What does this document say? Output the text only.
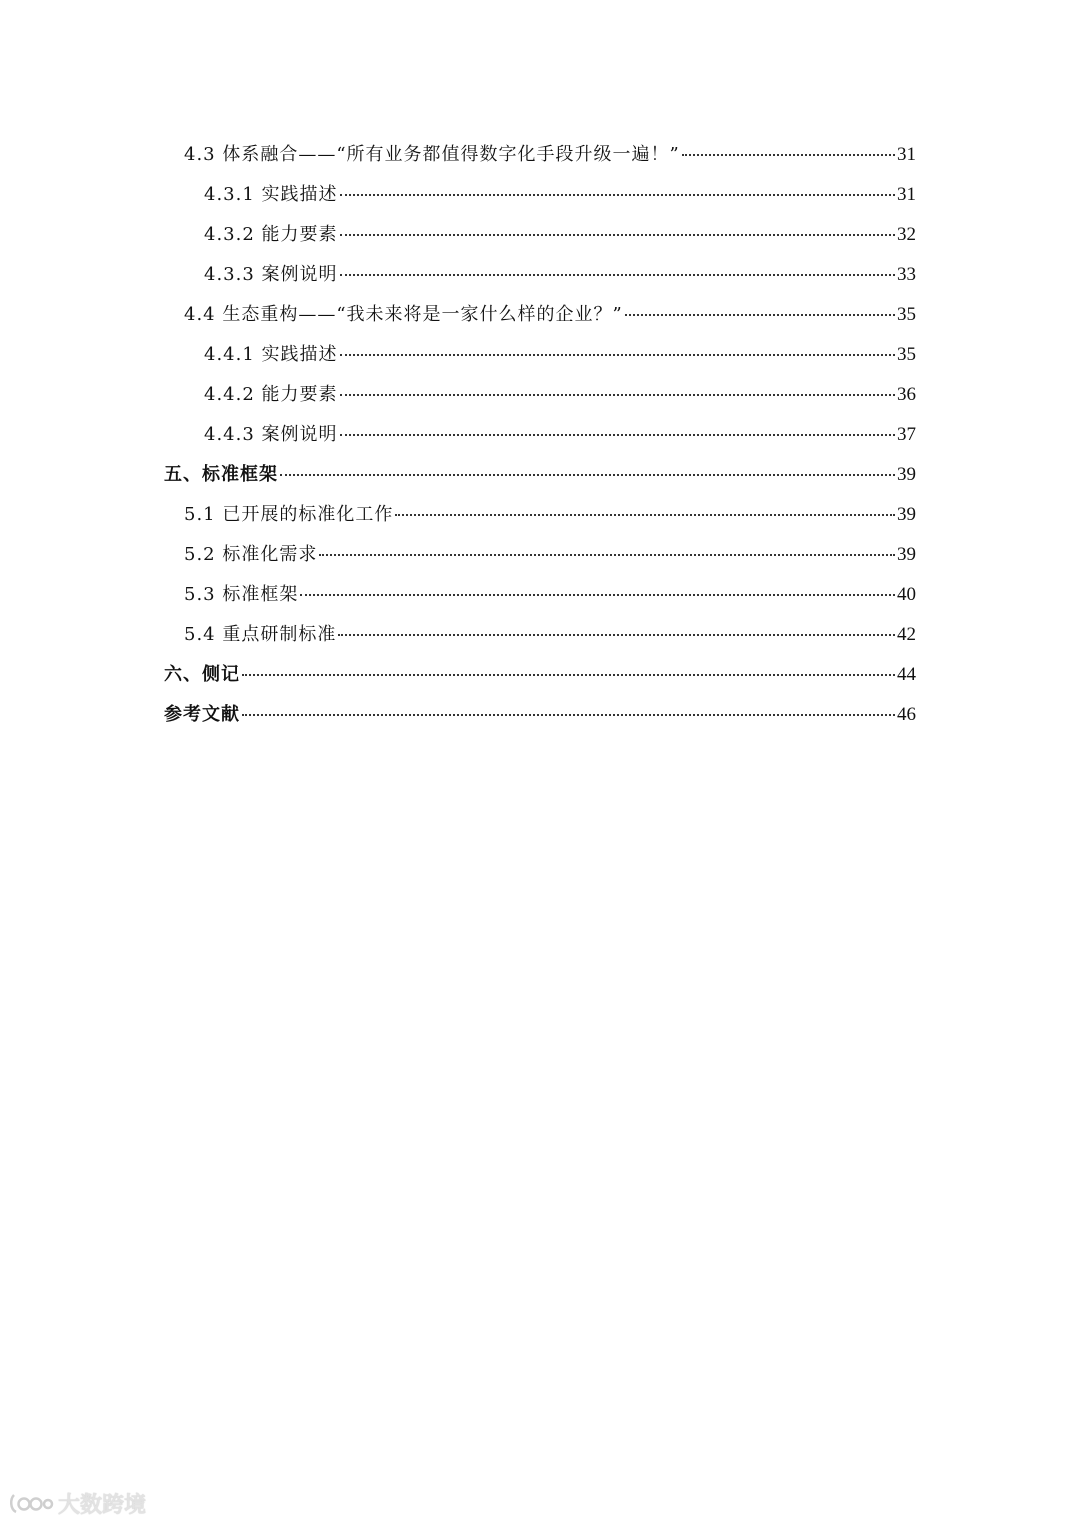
4.3 体系融合——“所有业务都值得数字化手段升级一遍！”	31
4.3.1 实践描述	31
4.3.2 能力要素	32
4.3.3 案例说明	33
4.4 生态重构——“我未来将是一家什么样的企业？”	35
4.4.1 实践描述	35
4.4.2 能力要素	36
4.4.3 案例说明	37
五、标准框架	39
5.1 已开展的标准化工作	39
5.2 标准化需求	39
5.3 标准框架	40
5.4 重点研制标准	42
六、侧记	44
参考文献	46
大数跨境
